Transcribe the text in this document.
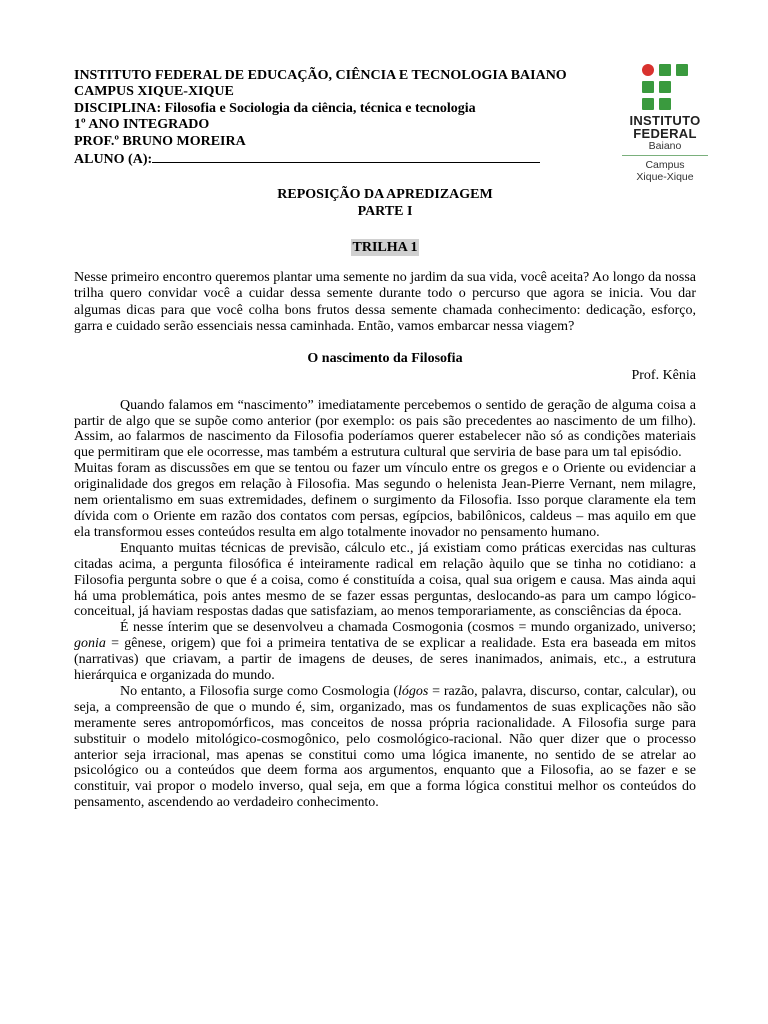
INSTITUTO FEDERAL DE EDUCAÇÃO, CIÊNCIA E TECNOLOGIA BAIANO
CAMPUS XIQUE-XIQUE
DISCIPLINA: Filosofia e Sociologia da ciência, técnica e tecnologia
1º ANO INTEGRADO
PROF.º BRUNO MOREIRA
ALUNO (A):
INSTITUTO FEDERAL
Baiano
Campus
Xique-Xique
REPOSIÇÃO DA APREDIZAGEM
PARTE I
TRILHA 1
Nesse primeiro encontro queremos plantar uma semente no jardim da sua vida, você aceita? Ao longo da nossa trilha quero convidar você a cuidar dessa semente durante todo o percurso que agora se inicia. Vou dar algumas dicas para que você colha bons frutos dessa semente chamada conhecimento: dedicação, esforço, garra e cuidado serão essenciais nessa caminhada. Então, vamos embarcar nessa viagem?
O nascimento da Filosofia
Prof. Kênia

Quando falamos em “nascimento” imediatamente percebemos o sentido de geração de alguma coisa a partir de algo que se supõe como anterior (por exemplo: os pais são precedentes ao nascimento de um filho). Assim, ao falarmos de nascimento da Filosofia poderíamos querer estabelecer não só as condições materiais que permitiram que ele ocorresse, mas também a estrutura cultural que serviria de base para um tal episódio.

Muitas foram as discussões em que se tentou ou fazer um vínculo entre os gregos e o Oriente ou evidenciar a originalidade dos gregos em relação à Filosofia. Mas segundo o helenista Jean-Pierre Vernant, nem milagre, nem orientalismo em suas extremidades, definem o surgimento da Filosofia. Isso porque claramente ela tem dívida com o Oriente em razão dos contatos com persas, egípcios, babilônicos, caldeus – mas aquilo em que ela transformou esses conteúdos resulta em algo totalmente inovador no pensamento humano.

Enquanto muitas técnicas de previsão, cálculo etc., já existiam como práticas exercidas nas culturas citadas acima, a pergunta filosófica é inteiramente radical em relação àquilo que se tinha no cotidiano: a Filosofia pergunta sobre o que é a coisa, como é constituída a coisa, qual sua origem e causa. Mas ainda aqui há uma problemática, pois antes mesmo de se fazer essas perguntas, deslocando-as para um campo lógico-conceitual, já haviam respostas dadas que satisfaziam, ao menos temporariamente, as consciências da época.

É nesse ínterim que se desenvolveu a chamada Cosmogonia (cosmos = mundo organizado, universo; gonia = gênese, origem) que foi a primeira tentativa de se explicar a realidade. Esta era baseada em mitos (narrativas) que criavam, a partir de imagens de deuses, de seres inanimados, animais, etc., a estrutura hierárquica e organizada do mundo.

No entanto, a Filosofia surge como Cosmologia (lógos = razão, palavra, discurso, contar, calcular), ou seja, a compreensão de que o mundo é, sim, organizado, mas os fundamentos de suas explicações não são meramente seres antropomórficos, mas conceitos de nossa própria racionalidade. A Filosofia surge para substituir o modelo mitológico-cosmogônico, pelo cosmológico-racional. Não quer dizer que o processo anterior seja irracional, mas apenas se constitui como uma lógica imanente, no sentido de se atrelar ao psicológico ou a conteúdos que deem forma aos argumentos, enquanto que a Filosofia, ao se fazer e se constituir, vai propor o modelo inverso, qual seja, em que a forma lógica constitui melhor os conteúdos do pensamento, ascendendo ao verdadeiro conhecimento.
